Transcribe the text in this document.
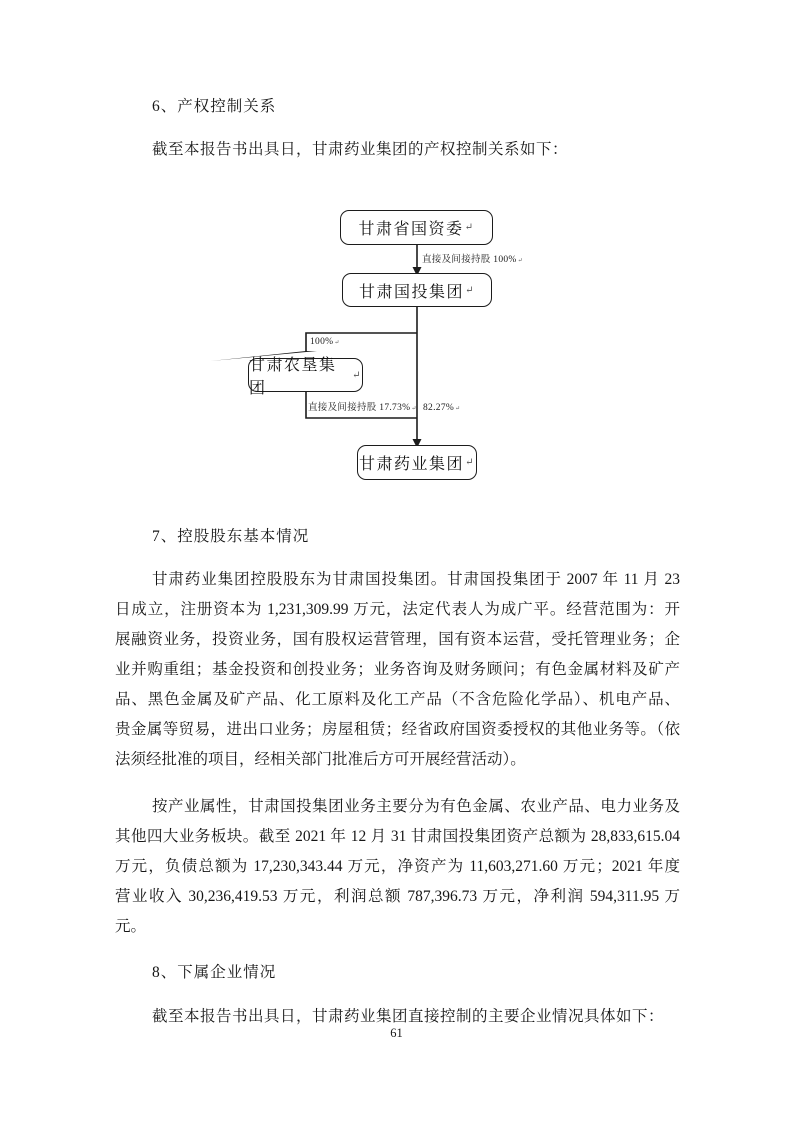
6、产权控制关系
截至本报告书出具日，甘肃药业集团的产权控制关系如下：
甘肃省国资委 ↵
甘肃国投集团 ↵
甘肃农垦集团
↵
甘肃药业集团 ↵
直接及间接持股 100%↵
100%↵
直接及间接持股 17.73%↵ 82.27%↵
7、控股股东基本情况
甘肃药业集团控股股东为甘肃国投集团。甘肃国投集团于 2007 年 11 月 23
日成立，注册资本为 1,231,309.99 万元，法定代表人为成广平。经营范围为：开
展融资业务，投资业务，国有股权运营管理，国有资本运营，受托管理业务；企
业并购重组；基金投资和创投业务；业务咨询及财务顾问；有色金属材料及矿产
品、黑色金属及矿产品、化工原料及化工产品（不含危险化学品）、机电产品、
贵金属等贸易，进出口业务；房屋租赁；经省政府国资委授权的其他业务等。（依
法须经批准的项目，经相关部门批准后方可开展经营活动）。
按产业属性，甘肃国投集团业务主要分为有色金属、农业产品、电力业务及
其他四大业务板块。截至 2021 年 12 月 31 甘肃国投集团资产总额为 28,833,615.04
万元，负债总额为 17,230,343.44 万元，净资产为 11,603,271.60 万元；2021 年度
营业收入 30,236,419.53 万元，利润总额 787,396.73 万元，净利润 594,311.95 万
元。
8、下属企业情况
截至本报告书出具日，甘肃药业集团直接控制的主要企业情况具体如下：
61
